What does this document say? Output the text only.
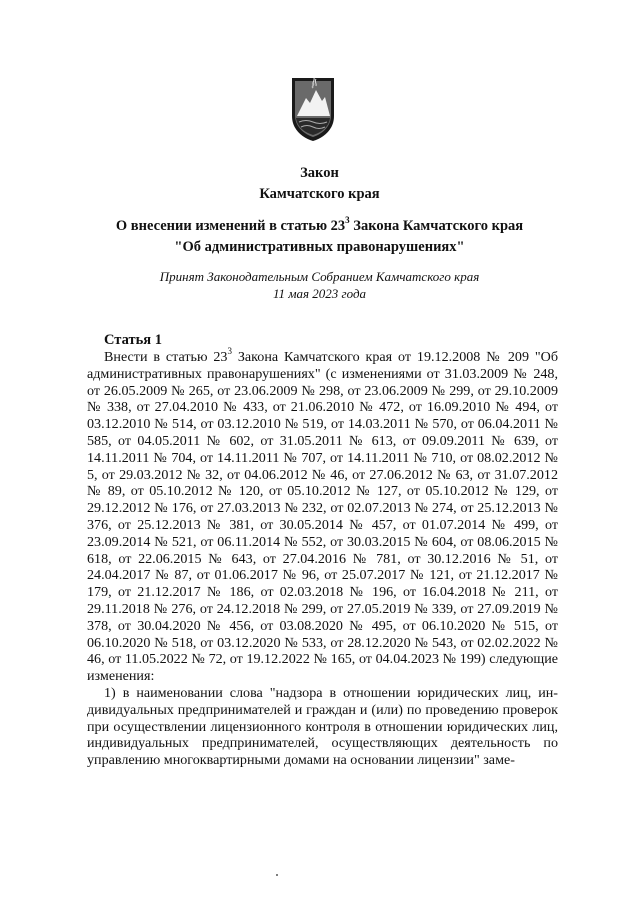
Закон
Камчатского края
О внесении изменений в статью $23^3$ Закона Камчатского края
"Об административных правонарушениях"
Принят Законодательным Собранием Камчатского края
11 мая 2023 года
Статья 1

Внести в статью $23^3$ Закона Камчатского края от 19.12.2008 № 209 "Об административных правонарушениях" (с изменениями от 31.03.2009 № 248, от 26.05.2009 № 265, от 23.06.2009 № 298, от 23.06.2009 № 299, от 29.10.2009 № 338, от 27.04.2010 № 433, от 21.06.2010 № 472, от 16.09.2010 № 494, от 03.12.2010 № 514, от 03.12.2010 № 519, от 14.03.2011 № 570, от 06.04.2011 № 585, от 04.05.2011 № 602, от 31.05.2011 № 613, от 09.09.2011 № 639, от 14.11.2011 № 704, от 14.11.2011 № 707, от 14.11.2011 № 710, от 08.02.2012 № 5, от 29.03.2012 № 32, от 04.06.2012 № 46, от 27.06.2012 № 63, от 31.07.2012 № 89, от 05.10.2012 № 120, от 05.10.2012 № 127, от 05.10.2012 № 129, от 29.12.2012 № 176, от 27.03.2013 № 232, от 02.07.2013 № 274, от 25.12.2013 № 376, от 25.12.2013 № 381, от 30.05.2014 № 457, от 01.07.2014 № 499, от 23.09.2014 № 521, от 06.11.2014 № 552, от 30.03.2015 № 604, от 08.06.2015 № 618, от 22.06.2015 № 643, от 27.04.2016 № 781, от 30.12.2016 № 51, от 24.04.2017 № 87, от 01.06.2017 № 96, от 25.07.2017 № 121, от 21.12.2017 № 179, от 21.12.2017 № 186, от 02.03.2018 № 196, от 16.04.2018 № 211, от 29.11.2018 № 276, от 24.12.2018 № 299, от 27.05.2019 № 339, от 27.09.2019 № 378, от 30.04.2020 № 456, от 03.08.2020 № 495, от 06.10.2020 № 515, от 06.10.2020 № 518, от 03.12.2020 № 533, от 28.12.2020 № 543, от 02.02.2022 № 46, от 11.05.2022 № 72, от 19.12.2022 № 165, от 04.04.2023 № 199) следующие изменения:

1) в наименовании слова "надзора в отношении юридических лиц, индивидуальных предпринимателей и граждан и (или) по проведению проверок при осуществлении лицензионного контроля в отношении юридических лиц, индивидуальных предпринимателей, осуществляющих деятельность по управлению многоквартирными домами на основании лицензии" заме-
